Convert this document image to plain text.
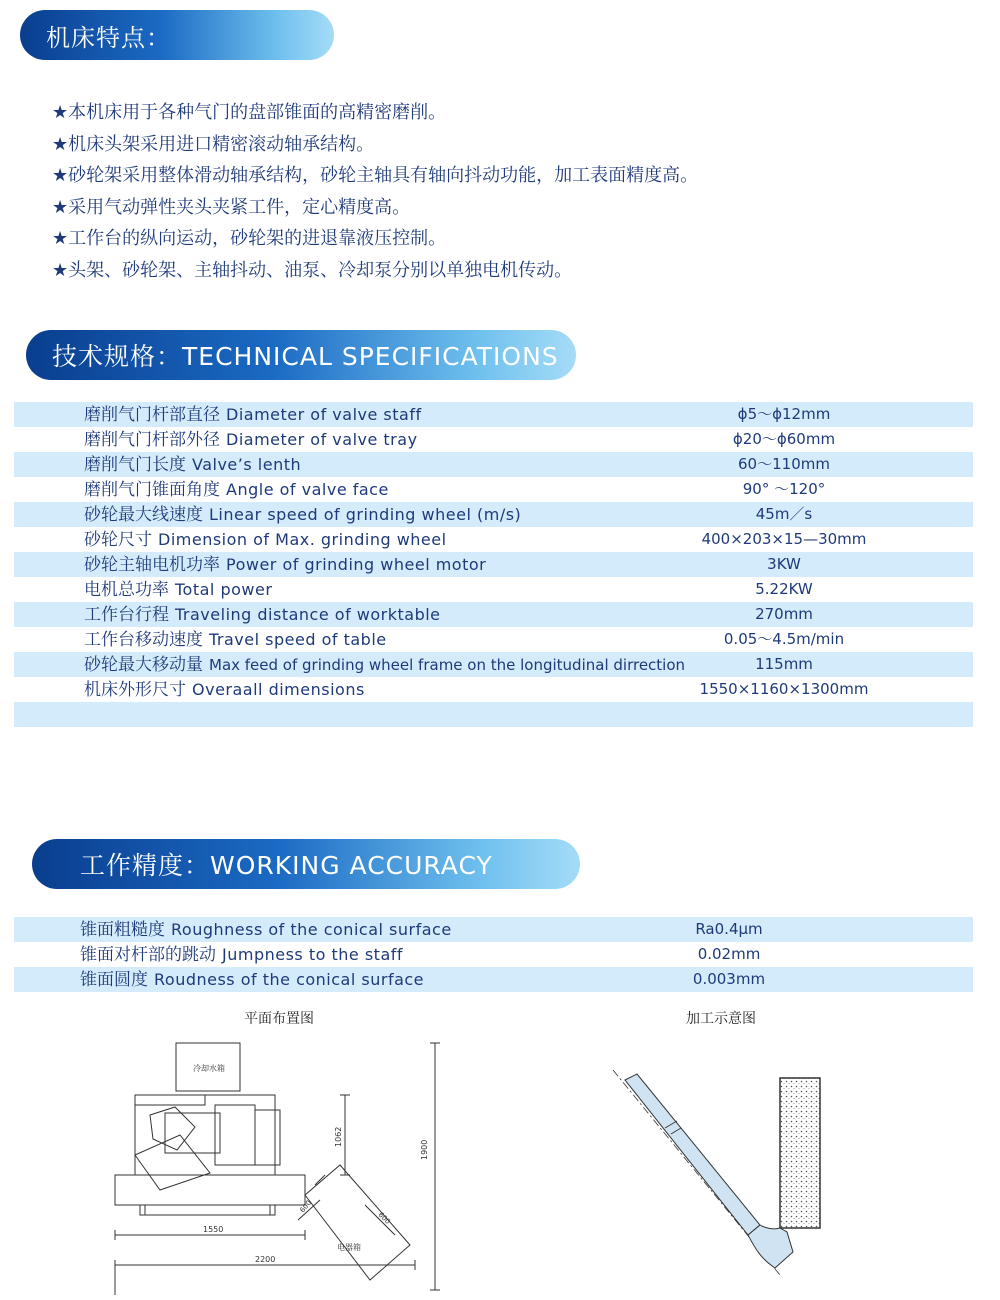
机床特点：
★本机床用于各种气门的盘部锥面的高精密磨削。
★机床头架采用进口精密滚动轴承结构。
★砂轮架采用整体滑动轴承结构，砂轮主轴具有轴向抖动功能，加工表面精度高。
★采用气动弹性夹头夹紧工件，定心精度高。
★工作台的纵向运动，砂轮架的进退靠液压控制。
★头架、砂轮架、主轴抖动、油泵、冷却泵分别以单独电机传动。
技术规格：TECHNICAL SPECIFICATIONS
磨削气门杆部直径 Diameter of valve staff	ϕ5～ϕ12mm
磨削气门杆部外径 Diameter of valve tray	ϕ20～ϕ60mm
磨削气门长度 Valve’s lenth	60～110mm
磨削气门锥面角度 Angle of valve face	90° ～120°
砂轮最大线速度 Linear speed of grinding wheel (m/s)	45m／s
砂轮尺寸 Dimension of Max. grinding wheel	400×203×15—30mm
砂轮主轴电机功率 Power of grinding wheel motor	3KW
电机总功率 Total power	5.22KW
工作台行程 Traveling distance of worktable	270mm
工作台移动速度 Travel speed of table	0.05～4.5m/min
砂轮最大移动量 Max feed of grinding wheel frame on the longitudinal dirrection	115mm
机床外形尺寸 Overaall dimensions	1550×1160×1300mm
工作精度：WORKING ACCURACY
锥面粗糙度 Roughness of the conical surface	Ra0.4μm
锥面对杆部的跳动 Jumpness to the staff	0.02mm
锥面圆度 Roudness of the conical surface	0.003mm
平面布置图	加工示意图
冷却水箱
电器箱
1550
2200
1900
1062
600
600
